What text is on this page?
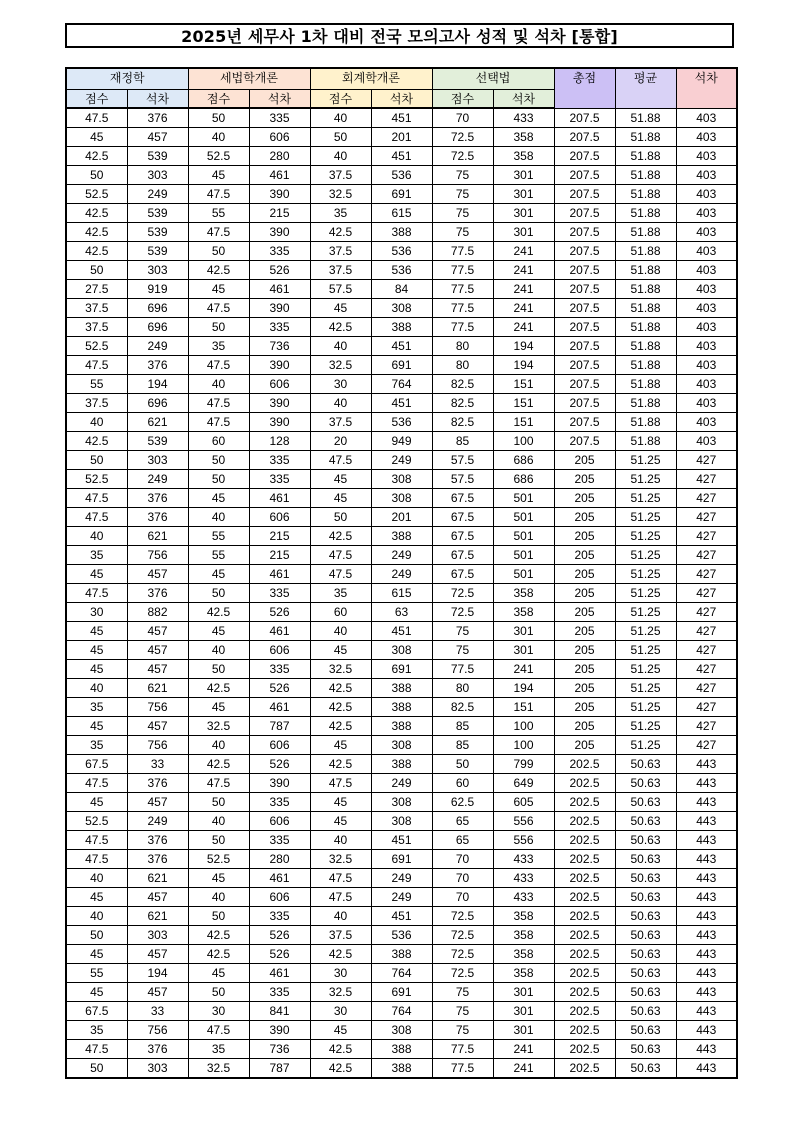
2025년 세무사 1차 대비 전국 모의고사 성적 및 석차 [통합]
재정학		세법학개론		회계학개론		선택법		총점	평균	석차
점수	석차	점수	석차	점수	석차	점수	석차			
47.5	376	50	335	40	451	70	433	207.5	51.88	403
45	457	40	606	50	201	72.5	358	207.5	51.88	403
42.5	539	52.5	280	40	451	72.5	358	207.5	51.88	403
50	303	45	461	37.5	536	75	301	207.5	51.88	403
52.5	249	47.5	390	32.5	691	75	301	207.5	51.88	403
42.5	539	55	215	35	615	75	301	207.5	51.88	403
42.5	539	47.5	390	42.5	388	75	301	207.5	51.88	403
42.5	539	50	335	37.5	536	77.5	241	207.5	51.88	403
50	303	42.5	526	37.5	536	77.5	241	207.5	51.88	403
27.5	919	45	461	57.5	84	77.5	241	207.5	51.88	403
37.5	696	47.5	390	45	308	77.5	241	207.5	51.88	403
37.5	696	50	335	42.5	388	77.5	241	207.5	51.88	403
52.5	249	35	736	40	451	80	194	207.5	51.88	403
47.5	376	47.5	390	32.5	691	80	194	207.5	51.88	403
55	194	40	606	30	764	82.5	151	207.5	51.88	403
37.5	696	47.5	390	40	451	82.5	151	207.5	51.88	403
40	621	47.5	390	37.5	536	82.5	151	207.5	51.88	403
42.5	539	60	128	20	949	85	100	207.5	51.88	403
50	303	50	335	47.5	249	57.5	686	205	51.25	427
52.5	249	50	335	45	308	57.5	686	205	51.25	427
47.5	376	45	461	45	308	67.5	501	205	51.25	427
47.5	376	40	606	50	201	67.5	501	205	51.25	427
40	621	55	215	42.5	388	67.5	501	205	51.25	427
35	756	55	215	47.5	249	67.5	501	205	51.25	427
45	457	45	461	47.5	249	67.5	501	205	51.25	427
47.5	376	50	335	35	615	72.5	358	205	51.25	427
30	882	42.5	526	60	63	72.5	358	205	51.25	427
45	457	45	461	40	451	75	301	205	51.25	427
45	457	40	606	45	308	75	301	205	51.25	427
45	457	50	335	32.5	691	77.5	241	205	51.25	427
40	621	42.5	526	42.5	388	80	194	205	51.25	427
35	756	45	461	42.5	388	82.5	151	205	51.25	427
45	457	32.5	787	42.5	388	85	100	205	51.25	427
35	756	40	606	45	308	85	100	205	51.25	427
67.5	33	42.5	526	42.5	388	50	799	202.5	50.63	443
47.5	376	47.5	390	47.5	249	60	649	202.5	50.63	443
45	457	50	335	45	308	62.5	605	202.5	50.63	443
52.5	249	40	606	45	308	65	556	202.5	50.63	443
47.5	376	50	335	40	451	65	556	202.5	50.63	443
47.5	376	52.5	280	32.5	691	70	433	202.5	50.63	443
40	621	45	461	47.5	249	70	433	202.5	50.63	443
45	457	40	606	47.5	249	70	433	202.5	50.63	443
40	621	50	335	40	451	72.5	358	202.5	50.63	443
50	303	42.5	526	37.5	536	72.5	358	202.5	50.63	443
45	457	42.5	526	42.5	388	72.5	358	202.5	50.63	443
55	194	45	461	30	764	72.5	358	202.5	50.63	443
45	457	50	335	32.5	691	75	301	202.5	50.63	443
67.5	33	30	841	30	764	75	301	202.5	50.63	443
35	756	47.5	390	45	308	75	301	202.5	50.63	443
47.5	376	35	736	42.5	388	77.5	241	202.5	50.63	443
50	303	32.5	787	42.5	388	77.5	241	202.5	50.63	443
